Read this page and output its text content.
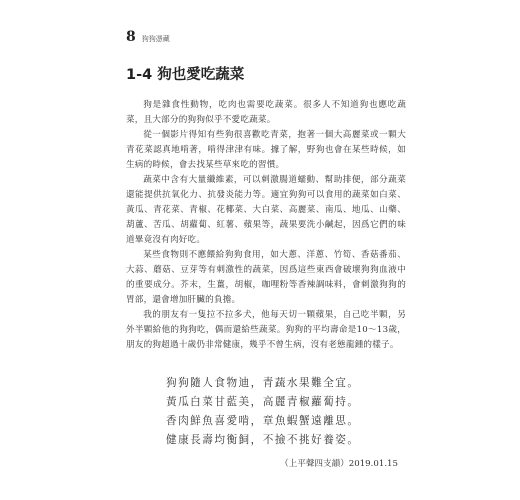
8 狗狗憑藏
1-4 狗也愛吃蔬菜

狗是雜食性動物，吃肉也需要吃蔬菜。很多人不知道狗也應吃蔬菜，且大部分的狗狗似乎不愛吃蔬菜。

從一個影片得知有些狗很喜歡吃青菜，抱著一個大高麗菜或一顆大青花菜認真地啃著，啃得津津有味。據了解，野狗也會在某些時候，如生病的時候，會去找某些草來吃的習慣。

蔬菜中含有大量纖維素，可以刺激腸道蠕動、幫助排便，部分蔬菜還能提供抗氧化力、抗發炎能力等。適宜狗狗可以食用的蔬菜如白菜、黃瓜、青花菜、青椒、花椰菜、大白菜、高麗菜、南瓜、地瓜、山藥、葫蘆、苦瓜、胡蘿蔔、紅薯、蘋果等，蔬果要洗小鹹起，因爲它們的味道畢竟沒有肉好吃。

某些食物則不應餵給狗狗食用，如大蔥、洋蔥、竹筍、香菇番茄、大蒜、蘑菇、豆芽等有刺激性的蔬菜，因爲這些東西會破壞狗狗血液中的重要成分。芥末，生薑，胡椒，咖哩粉等香辣調味料，會刺激狗狗的胃部，還會增加肝臟的負擔。

我的朋友有一隻拉不拉多犬，他每天切一顆蘋果，自己吃半顆，另外半顆給他的狗狗吃，偶而還給些蔬菜。狗狗的平均壽命是10～13歲，朋友的狗超過十歲仍非常健康，幾乎不曾生病，沒有老態龍鍾的樣子。

狗狗隨人食物迪，青蔬水果難全宜。
黃瓜白菜甘藍美，高麗青椒蘿蔔持。
香肉鮮魚喜愛啃，章魚蝦蟹遠離思。
健康長壽均衡飼，不撿不挑好養姿。
（上平聲四支韻）2019.01.15
